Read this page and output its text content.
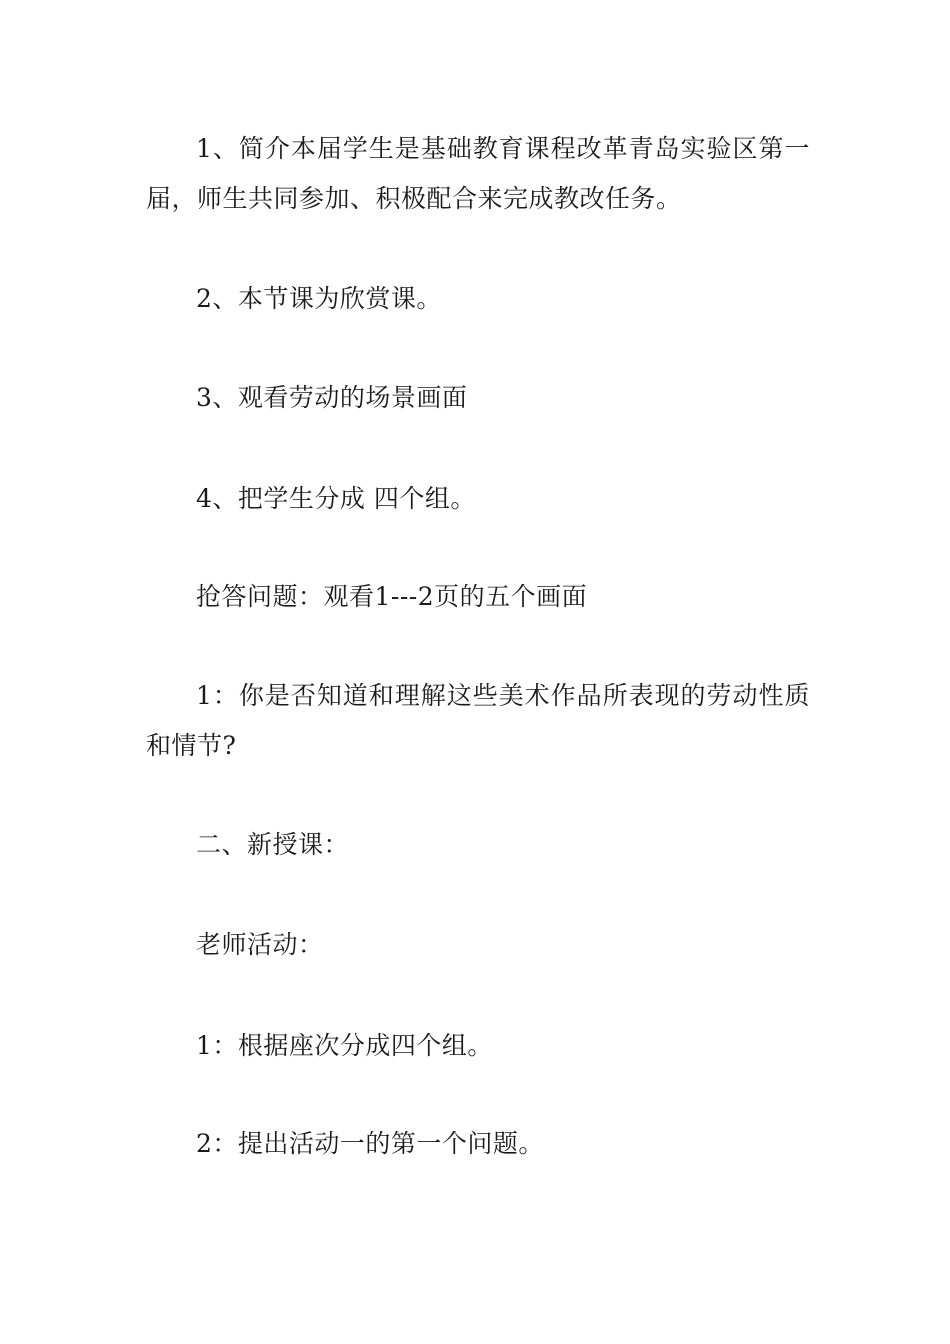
1、简介本届学生是基础教育课程改革青岛实验区第一届，师生共同参加、积极配合来完成教改任务。

2、本节课为欣赏课。

3、观看劳动的场景画面

4、把学生分成 四个组。

抢答问题：观看1---2页的五个画面

1：你是否知道和理解这些美术作品所表现的劳动性质和情节?

二、新授课：

老师活动：

1：根据座次分成四个组。

2：提出活动一的第一个问题。
